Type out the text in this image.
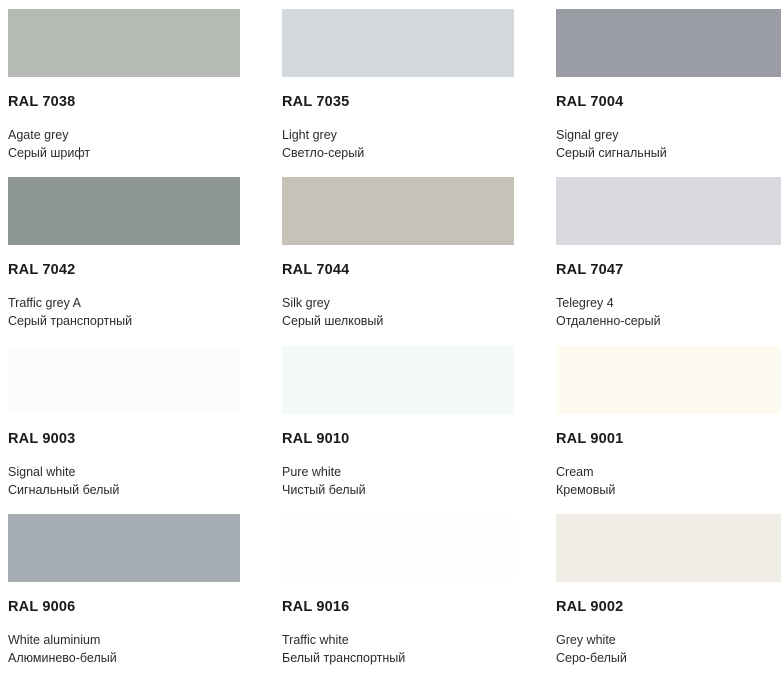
RAL 7038
Agate grey
Серый шрифт
RAL 7035
Light grey
Светло-серый
RAL 7004
Signal grey
Серый сигнальный
RAL 7042
Traffic grey A
Серый транспортный
RAL 7044
Silk grey
Серый шелковый
RAL 7047
Telegrey 4
Отдаленно-серый
RAL 9003
Signal white
Сигнальный белый
RAL 9010
Pure white
Чистый белый
RAL 9001
Cream
Кремовый
RAL 9006
White aluminium
Алюминево-белый
RAL 9016
Traffic white
Белый транспортный
RAL 9002
Grey white
Серо-белый
